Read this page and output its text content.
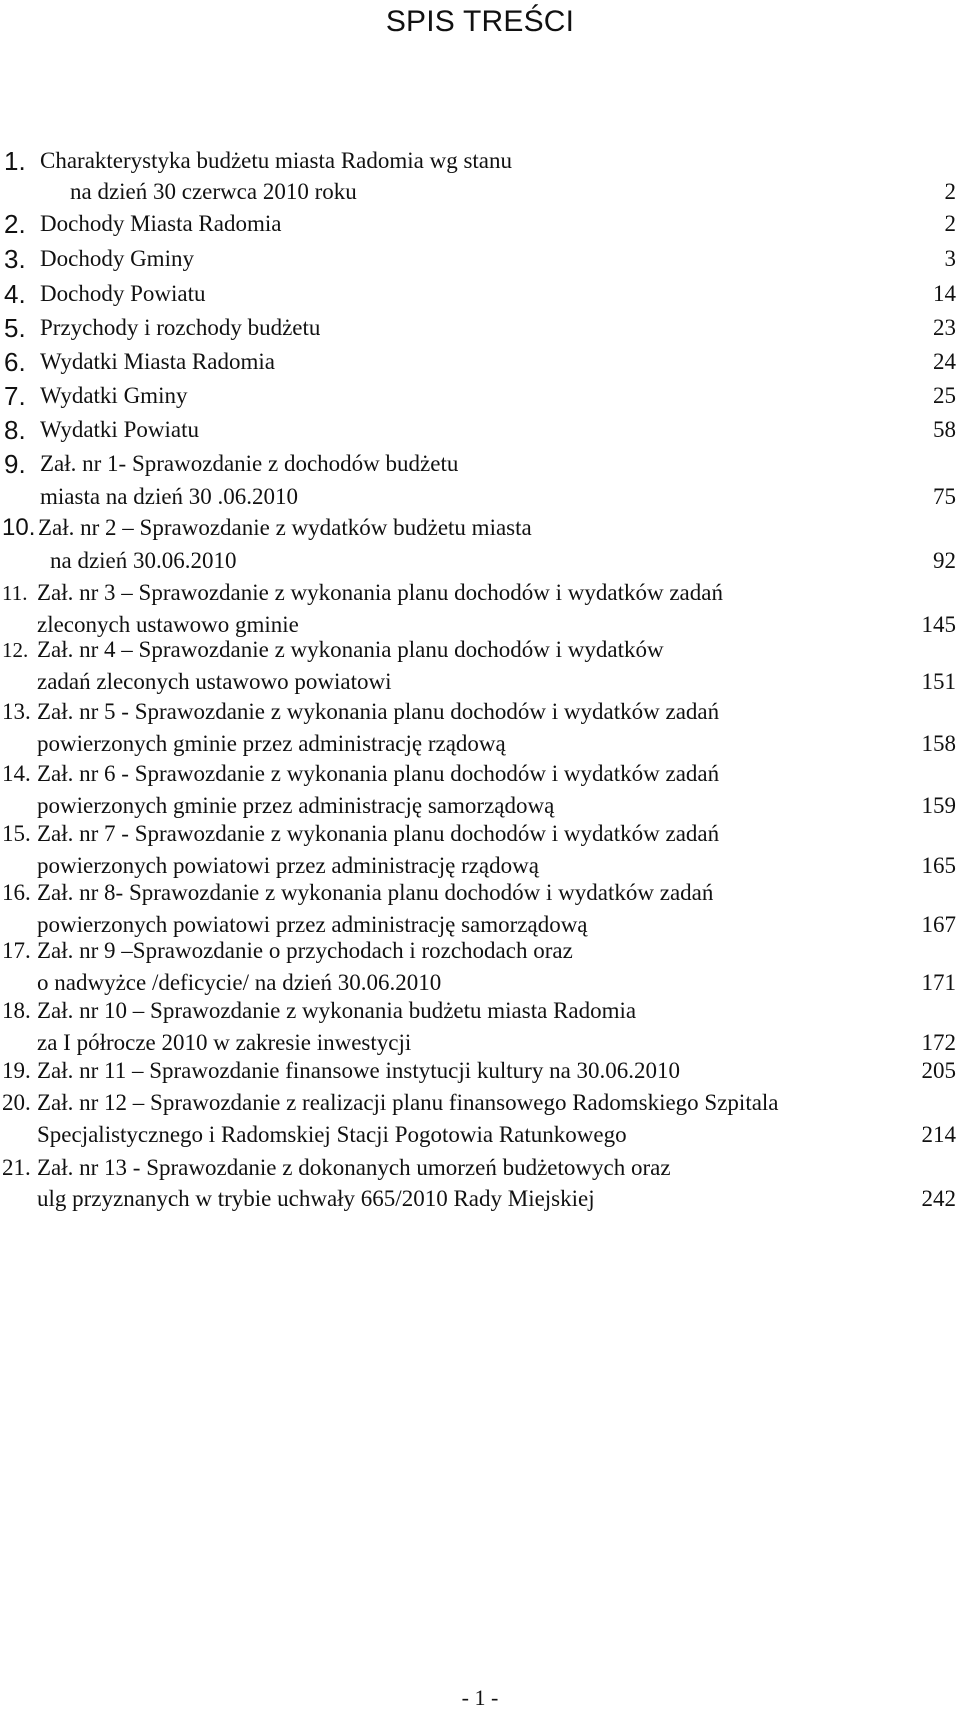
SPIS TREŚCI
1. Charakterystyka budżetu miasta Radomia wg stanu
na dzień 30 czerwca 2010 roku	2
2. Dochody Miasta Radomia	2
3. Dochody Gminy	3
4. Dochody Powiatu	14
5. Przychody i rozchody budżetu	23
6. Wydatki Miasta Radomia	24
7. Wydatki Gminy	25
8. Wydatki Powiatu	58
9. Zał. nr 1- Sprawozdanie z dochodów budżetu
miasta na dzień 30 .06.2010	75
10. Zał. nr 2 – Sprawozdanie z wydatków budżetu miasta
na dzień 30.06.2010	92
11. Zał. nr 3 – Sprawozdanie z wykonania planu dochodów i wydatków zadań
zleconych ustawowo gminie	145
12. Zał. nr 4 – Sprawozdanie z wykonania planu dochodów i wydatków
zadań zleconych ustawowo powiatowi	151
13. Zał. nr 5 - Sprawozdanie z wykonania planu dochodów i wydatków zadań
powierzonych gminie przez administrację rządową	158
14. Zał. nr 6 - Sprawozdanie z wykonania planu dochodów i wydatków zadań
powierzonych gminie przez administrację samorządową	159
15. Zał. nr 7 - Sprawozdanie z wykonania planu dochodów i wydatków zadań
powierzonych powiatowi przez administrację rządową	165
16. Zał. nr 8- Sprawozdanie z wykonania planu dochodów i wydatków zadań
powierzonych powiatowi przez administrację samorządową	167
17. Zał. nr 9 –Sprawozdanie o przychodach i rozchodach oraz
o nadwyżce /deficycie/ na dzień 30.06.2010	171
18. Zał. nr 10 – Sprawozdanie z wykonania budżetu miasta Radomia
za I półrocze 2010 w zakresie inwestycji	172
19. Zał. nr 11 – Sprawozdanie finansowe instytucji kultury na 30.06.2010	205
20. Zał. nr 12 – Sprawozdanie z realizacji planu finansowego Radomskiego Szpitala
Specjalistycznego i Radomskiej Stacji Pogotowia Ratunkowego	214
21. Zał. nr 13 - Sprawozdanie z dokonanych umorzeń budżetowych oraz
ulg przyznanych w trybie uchwały 665/2010 Rady Miejskiej	242
- 1 -
